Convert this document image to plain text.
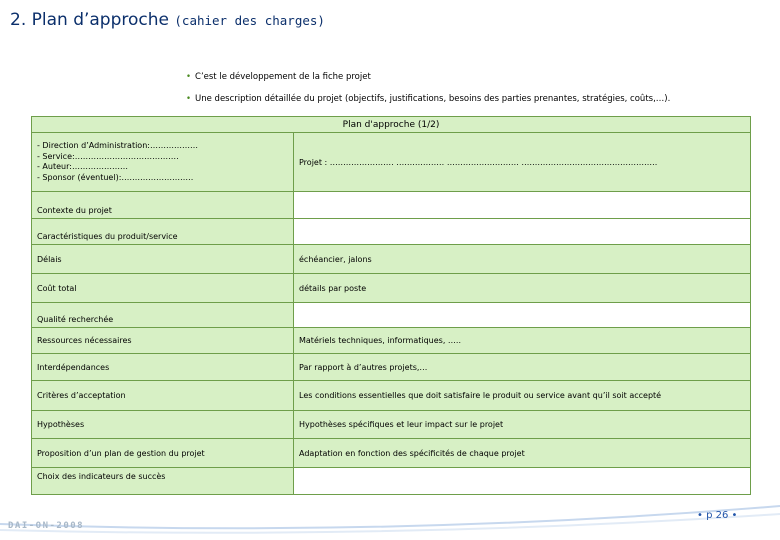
2. Plan d’approche (cahier des charges)
• C’est le développement de la fiche projet
• Une description détaillée du projet (objectifs, justifications, besoins des parties prenantes, stratégies, coûts,…).
Plan d'approche (1/2)	

- Direction d’Administration:………………
- Service:…………………………………
- Auteur:…………………
- Sponsor (éventuel):………………………	Projet : …………………… ……………… ……………………… ……………………………………………
Contexte du projet	
Caractéristiques du produit/service	
Délais	échéancier, jalons
Coût total	détails par poste
Qualité recherchée	
Ressources nécessaires	Matériels techniques, informatiques, …..
Interdépendances	Par rapport à d’autres projets,…
Critères d’acceptation	Les conditions essentielles que doit satisfaire le produit ou service avant qu’il soit accepté
Hypothèses	Hypothèses spécifiques et leur impact sur le projet
Proposition d’un plan de gestion du projet	Adaptation en fonction des spécificités de chaque projet
Choix des indicateurs de succès	
DAI-ON-2008
• p 26 •
